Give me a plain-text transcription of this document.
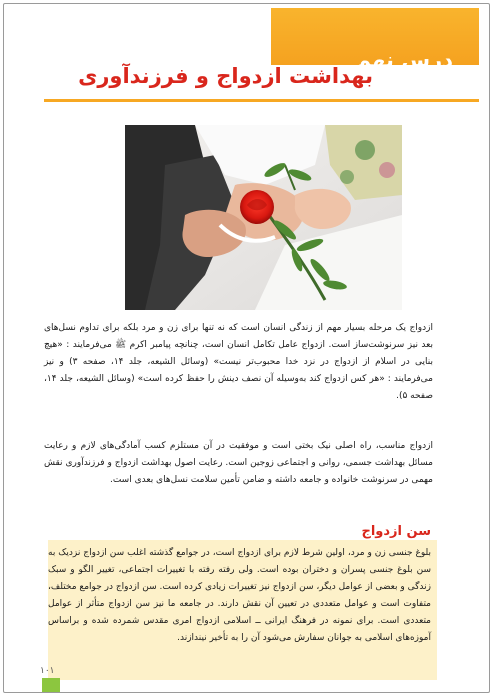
درس نهم
بهداشت ازدواج و فرزندآوری

ازدواج یک مرحله بسیار مهم از زندگی انسان است که نه تنها برای زن و مرد بلکه برای تداوم نسل‌های بعد نیز سرنوشت‌ساز است. ازدواج عامل تکامل انسان است، چنانچه پیامبر اکرم ﷺ می‌فرمایند : «هیچ بنایی در اسلام از ازدواج در نزد خدا محبوب‌تر نیست» (وسائل الشیعه، جلد ۱۴، صفحه ۳) و نیز می‌فرمایند : «هر کس ازدواج کند به‌وسیله آن نصف دینش را حفظ کرده است» (وسائل الشیعه، جلد ۱۴، صفحه ۵).

ازدواج مناسب، راه اصلی نیک بختی است و موفقیت در آن مستلزم کسب آمادگی‌های لازم و رعایت مسائل بهداشت جسمی، روانی و اجتماعی زوجین است. رعایت اصول بهداشت ازدواج و فرزندآوری نقش مهمی در سرنوشت خانواده و جامعه داشته و ضامن تأمین سلامت نسل‌های بعدی است.

سن ازدواج

بلوغ جنسی زن و مرد، اولین شرط لازم برای ازدواج است، در جوامع گذشته اغلب سن ازدواج نزدیک به سن بلوغ جنسی پسران و دختران بوده است. ولی رفته رفته با تغییرات اجتماعی، تغییر الگو و سبک زندگی و بعضی از عوامل دیگر، سن ازدواج نیز تغییرات زیادی کرده است. سن ازدواج در جوامع مختلف، متفاوت است و عوامل متعددی در تعیین آن نقش دارند. در جامعه ما نیز سن ازدواج متأثر از عوامل متعددی است. برای نمونه در فرهنگ ایرانی ــ اسلامی ازدواج امری مقدس شمرده شده و براساس آموزه‌های اسلامی به جوانان سفارش می‌شود آن را به تأخیر نیندازند.

۱۰۱
